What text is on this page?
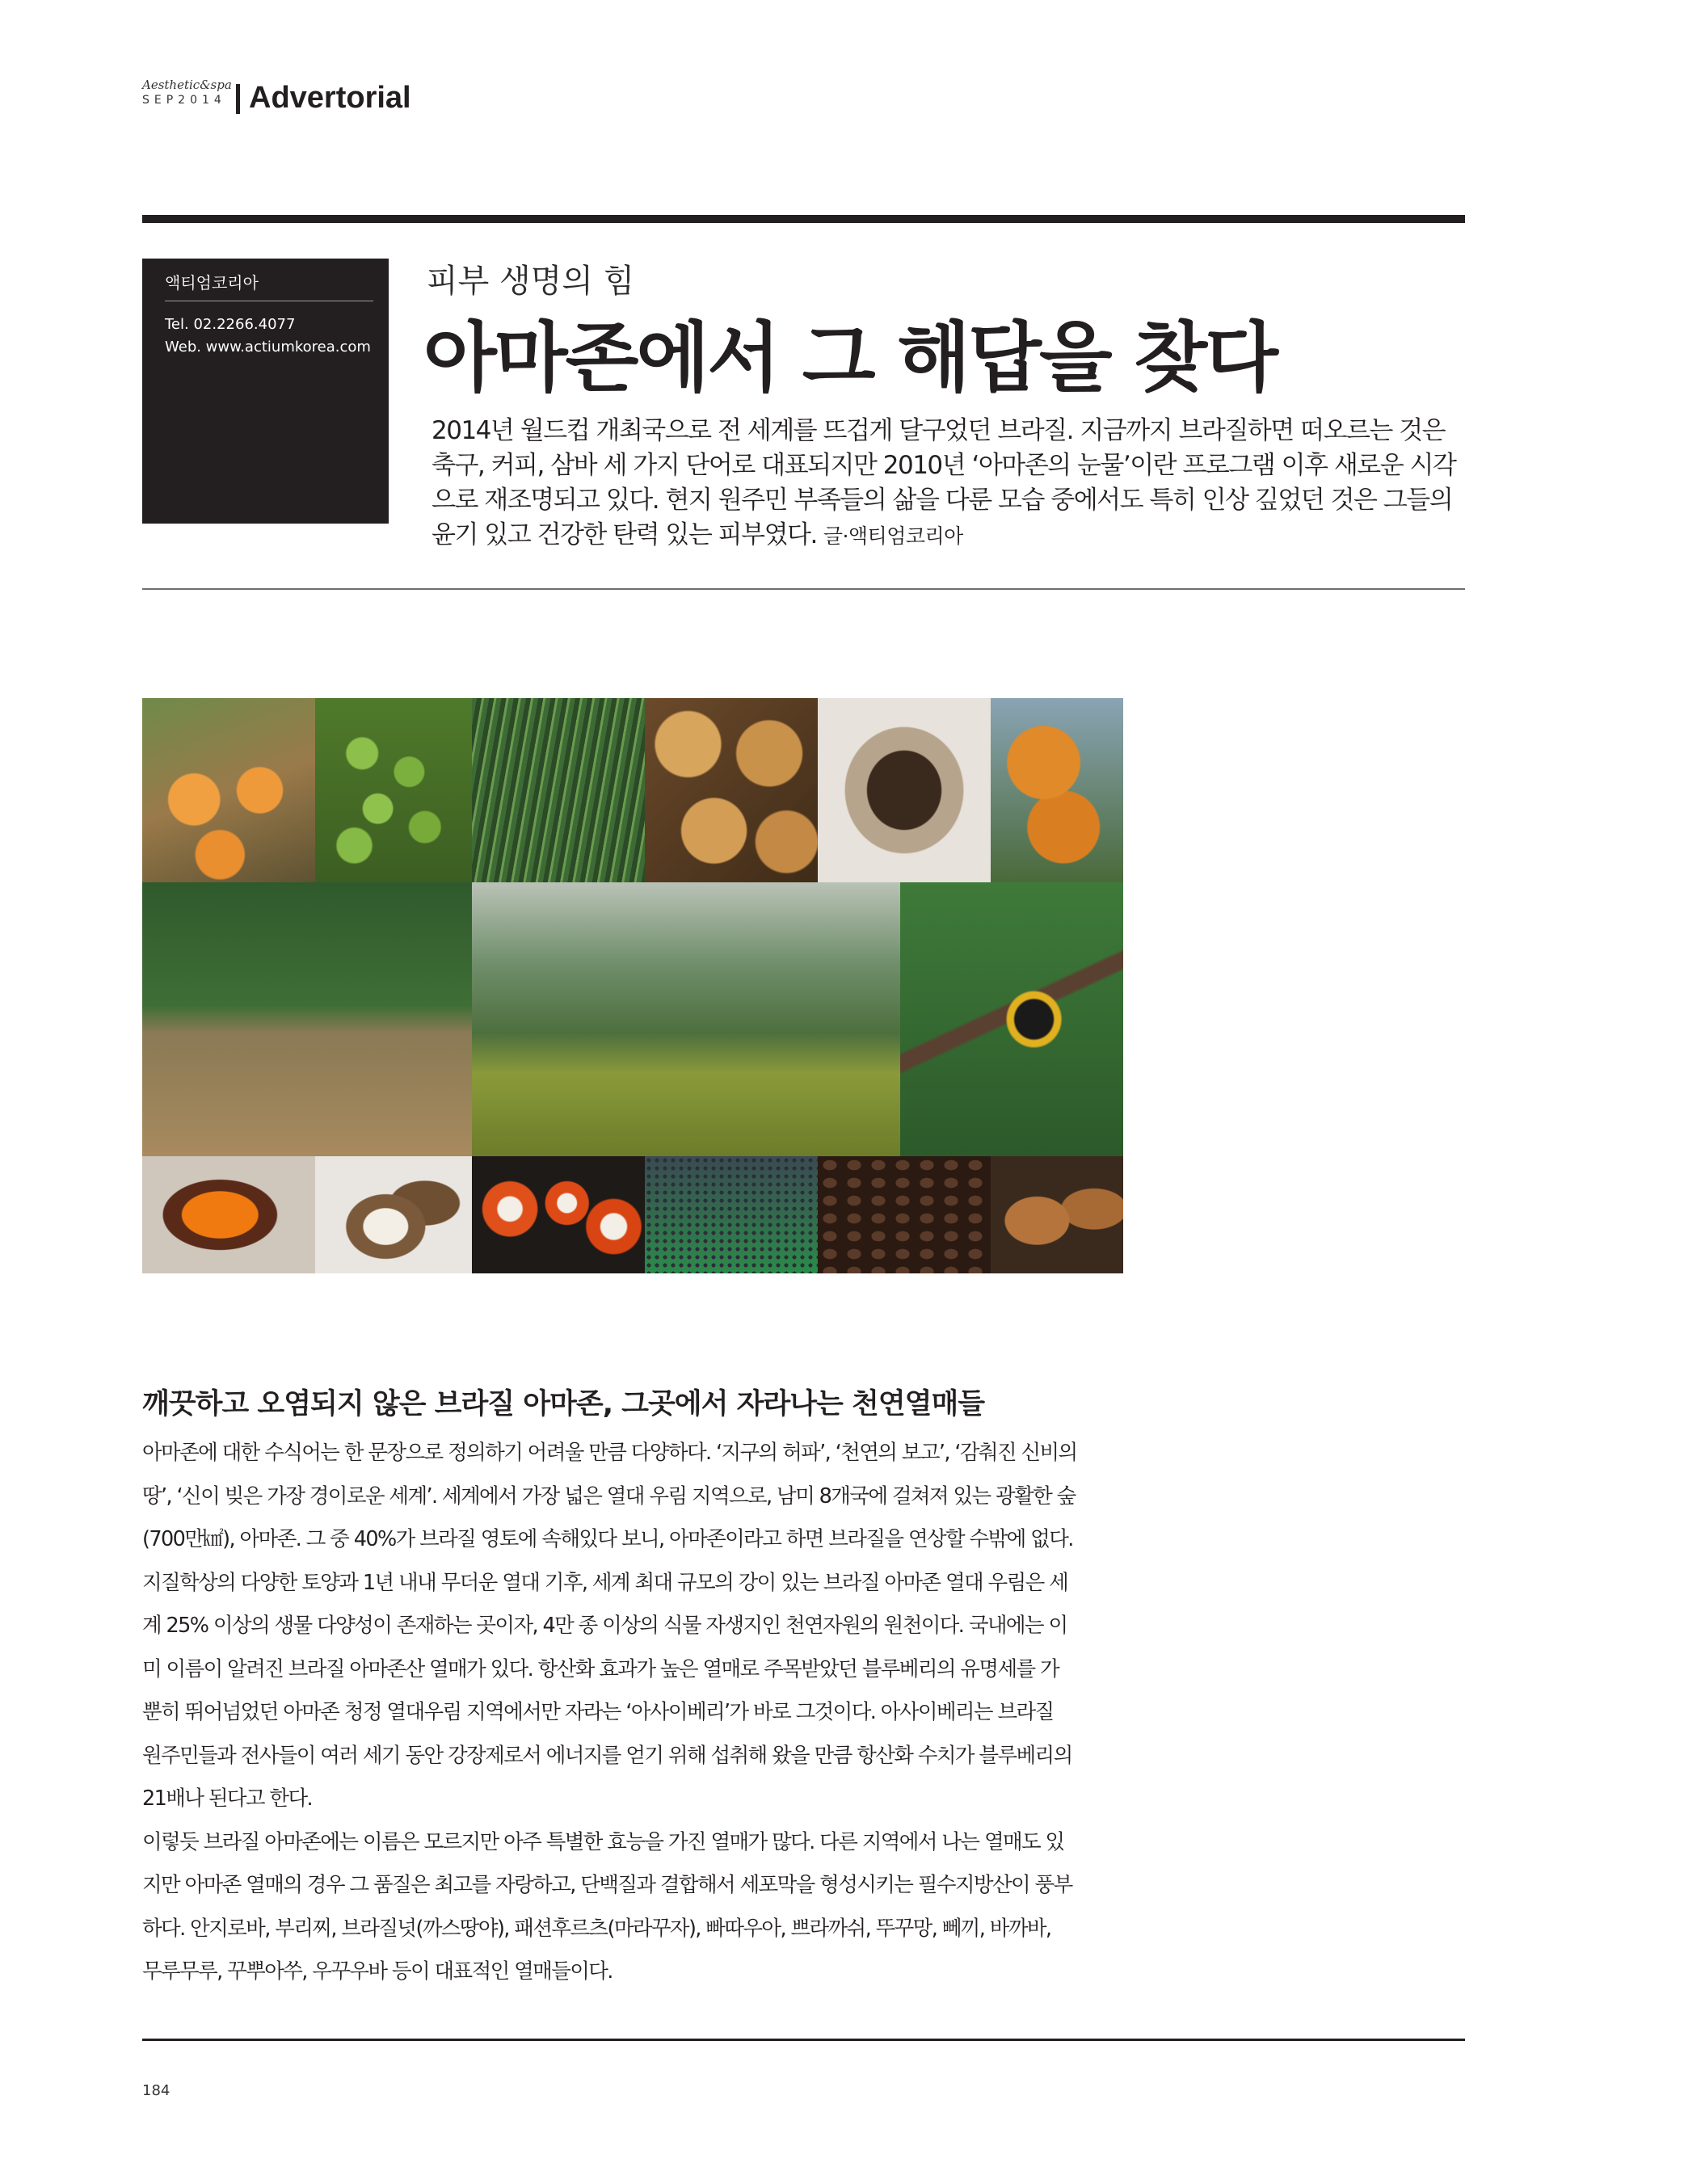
Aesthetic&spa
SEP2014 Advertorial
액티엄코리아
Tel. 02.2266.4077
Web. www.actiumkorea.com
피부 생명의 힘
아마존에서 그 해답을 찾다
2014년 월드컵 개최국으로 전 세계를 뜨겁게 달구었던 브라질. 지금까지 브라질하면 떠오르는 것은
축구, 커피, 삼바 세 가지 단어로 대표되지만 2010년 ‘아마존의 눈물’이란 프로그램 이후 새로운 시각
으로 재조명되고 있다. 현지 원주민 부족들의 삶을 다룬 모습 중에서도 특히 인상 깊었던 것은 그들의
윤기 있고 건강한 탄력 있는 피부였다. 글·액티엄코리아
깨끗하고 오염되지 않은 브라질 아마존, 그곳에서 자라나는 천연열매들
아마존에 대한 수식어는 한 문장으로 정의하기 어려울 만큼 다양하다. ‘지구의 허파’, ‘천연의 보고’, ‘감춰진 신비의
땅’, ‘신이 빚은 가장 경이로운 세계’. 세계에서 가장 넓은 열대 우림 지역으로, 남미 8개국에 걸쳐져 있는 광활한 숲
(700만㎢), 아마존. 그 중 40%가 브라질 영토에 속해있다 보니, 아마존이라고 하면 브라질을 연상할 수밖에 없다.
지질학상의 다양한 토양과 1년 내내 무더운 열대 기후, 세계 최대 규모의 강이 있는 브라질 아마존 열대 우림은 세
계 25% 이상의 생물 다양성이 존재하는 곳이자, 4만 종 이상의 식물 자생지인 천연자원의 원천이다. 국내에는 이
미 이름이 알려진 브라질 아마존산 열매가 있다. 항산화 효과가 높은 열매로 주목받았던 블루베리의 유명세를 가
뿐히 뛰어넘었던 아마존 청정 열대우림 지역에서만 자라는 ‘아사이베리’가 바로 그것이다. 아사이베리는 브라질
원주민들과 전사들이 여러 세기 동안 강장제로서 에너지를 얻기 위해 섭취해 왔을 만큼 항산화 수치가 블루베리의
21배나 된다고 한다.
이렇듯 브라질 아마존에는 이름은 모르지만 아주 특별한 효능을 가진 열매가 많다. 다른 지역에서 나는 열매도 있
지만 아마존 열매의 경우 그 품질은 최고를 자랑하고, 단백질과 결합해서 세포막을 형성시키는 필수지방산이 풍부
하다. 안지로바, 부리찌, 브라질넛(까스땅야), 패션후르츠(마라꾸자), 빠따우아, 쁘라까쉬, 뚜꾸망, 뻬끼, 바까바,
무루무루, 꾸뿌아쑤, 우꾸우바 등이 대표적인 열매들이다.
184
